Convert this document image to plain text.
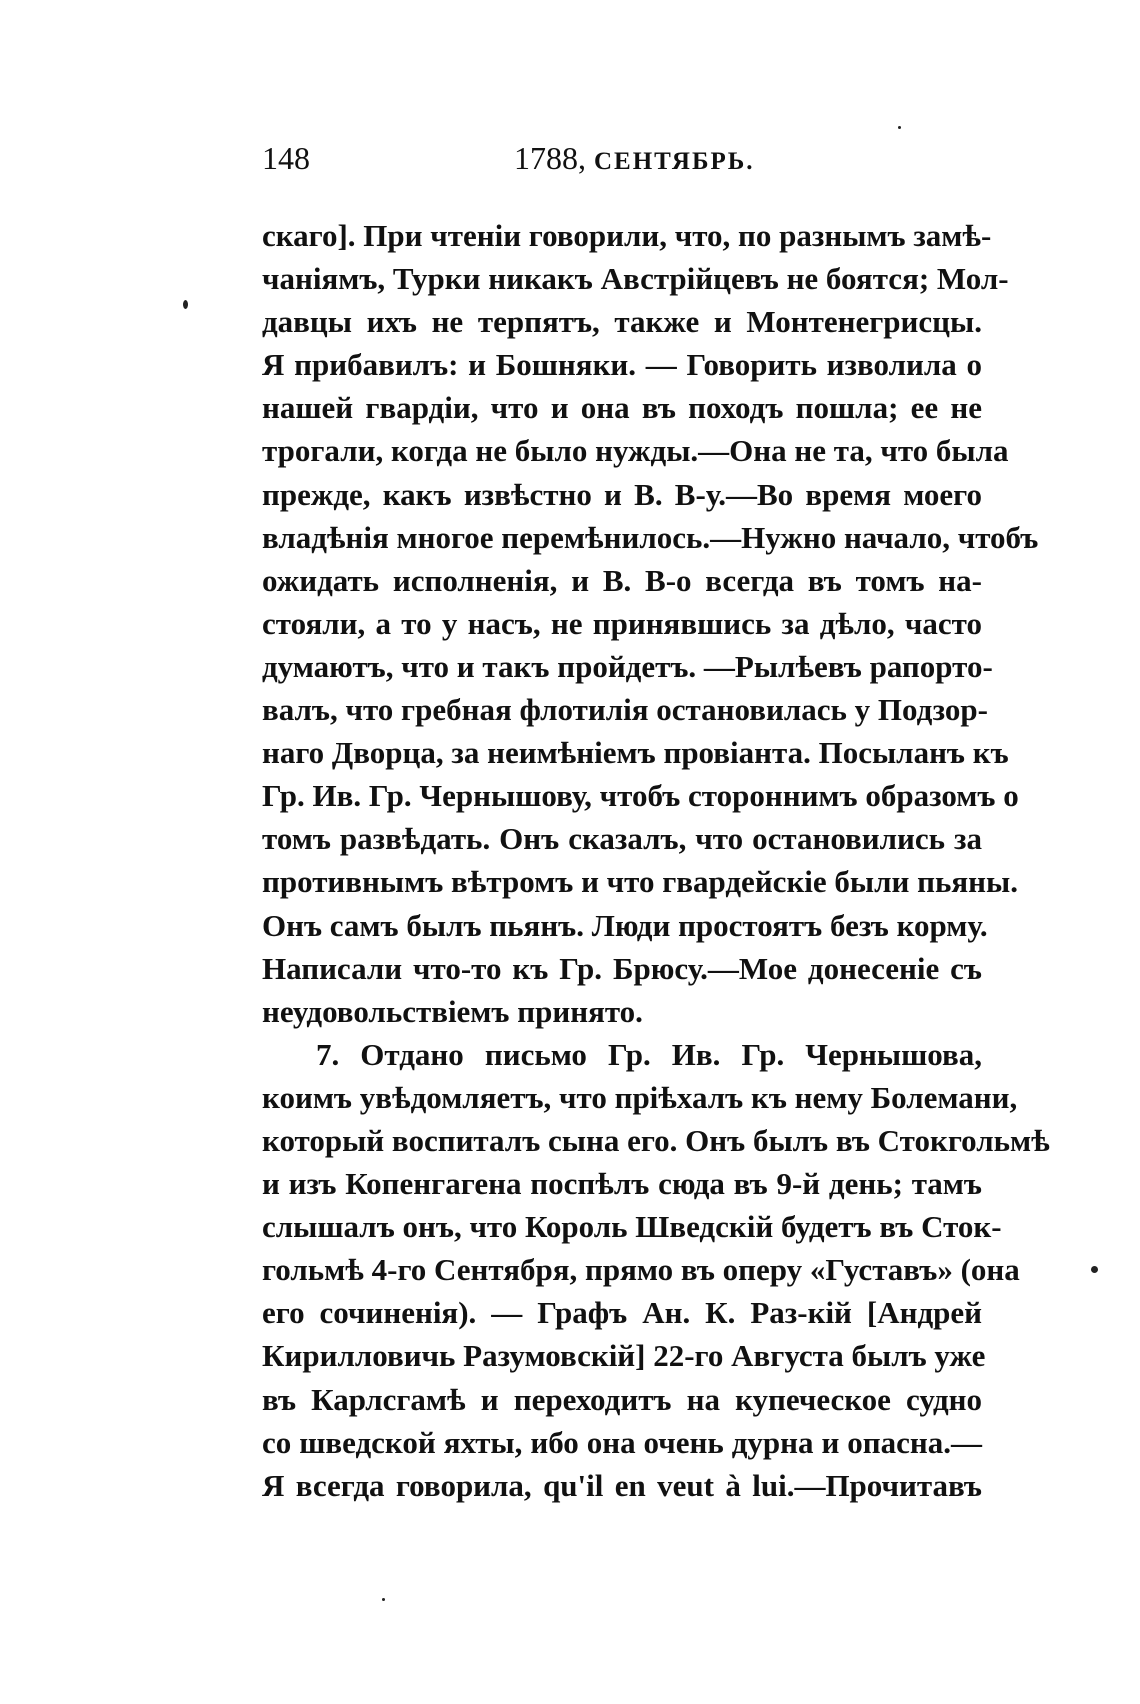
148	1788, СЕНТЯБРЬ.
скаго]. При чтеніи говорили, что, по разнымъ замѣ-
чаніямъ, Турки никакъ Австрійцевъ не боятся; Мол-
давцы ихъ не терпятъ, также и Монтенегрисцы.
Я прибавилъ: и Бошняки. — Говорить изволила о
нашей гвардіи, что и она въ походъ пошла; ее не
трогали, когда не было нужды.—Она не та, что была
прежде, какъ извѣстно и В. В-у.—Во время моего
владѣнія многое перемѣнилось.—Нужно начало, чтобъ
ожидать исполненія, и В. В-о всегда въ томъ на-
стояли, а то у насъ, не принявшись за дѣло, часто
думаютъ, что и такъ пройдетъ. —Рылѣевъ рапорто-
валъ, что гребная флотилія остановилась у Подзор-
наго Дворца, за неимѣніемъ провіанта. Посыланъ къ
Гр. Ив. Гр. Чернышову, чтобъ стороннимъ образомъ о
томъ развѣдать. Онъ сказалъ, что остановились за
противнымъ вѣтромъ и что гвардейскіе были пьяны.
Онъ самъ былъ пьянъ. Люди простоятъ безъ корму.
Написали что-то къ Гр. Брюсу.—Мое донесеніе съ
неудовольствіемъ принято.
7. Отдано письмо Гр. Ив. Гр. Чернышова,
коимъ увѣдомляетъ, что пріѣхалъ къ нему Болемани,
который воспиталъ сына его. Онъ былъ въ Стокгольмѣ
и изъ Копенгагена поспѣлъ сюда въ 9-й день; тамъ
слышалъ онъ, что Король Шведскій будетъ въ Сток-
гольмѣ 4-го Сентября, прямо въ оперу «Густавъ» (она
его сочиненія). — Графъ Ан. К. Раз-кій [Андрей
Кирилловичь Разумовскій] 22-го Августа былъ уже
въ Карлсгамѣ и переходитъ на купеческое судно
со шведской яхты, ибо она очень дурна и опасна.—
Я всегда говорила, qu'il en veut à lui.—Прочитавъ
